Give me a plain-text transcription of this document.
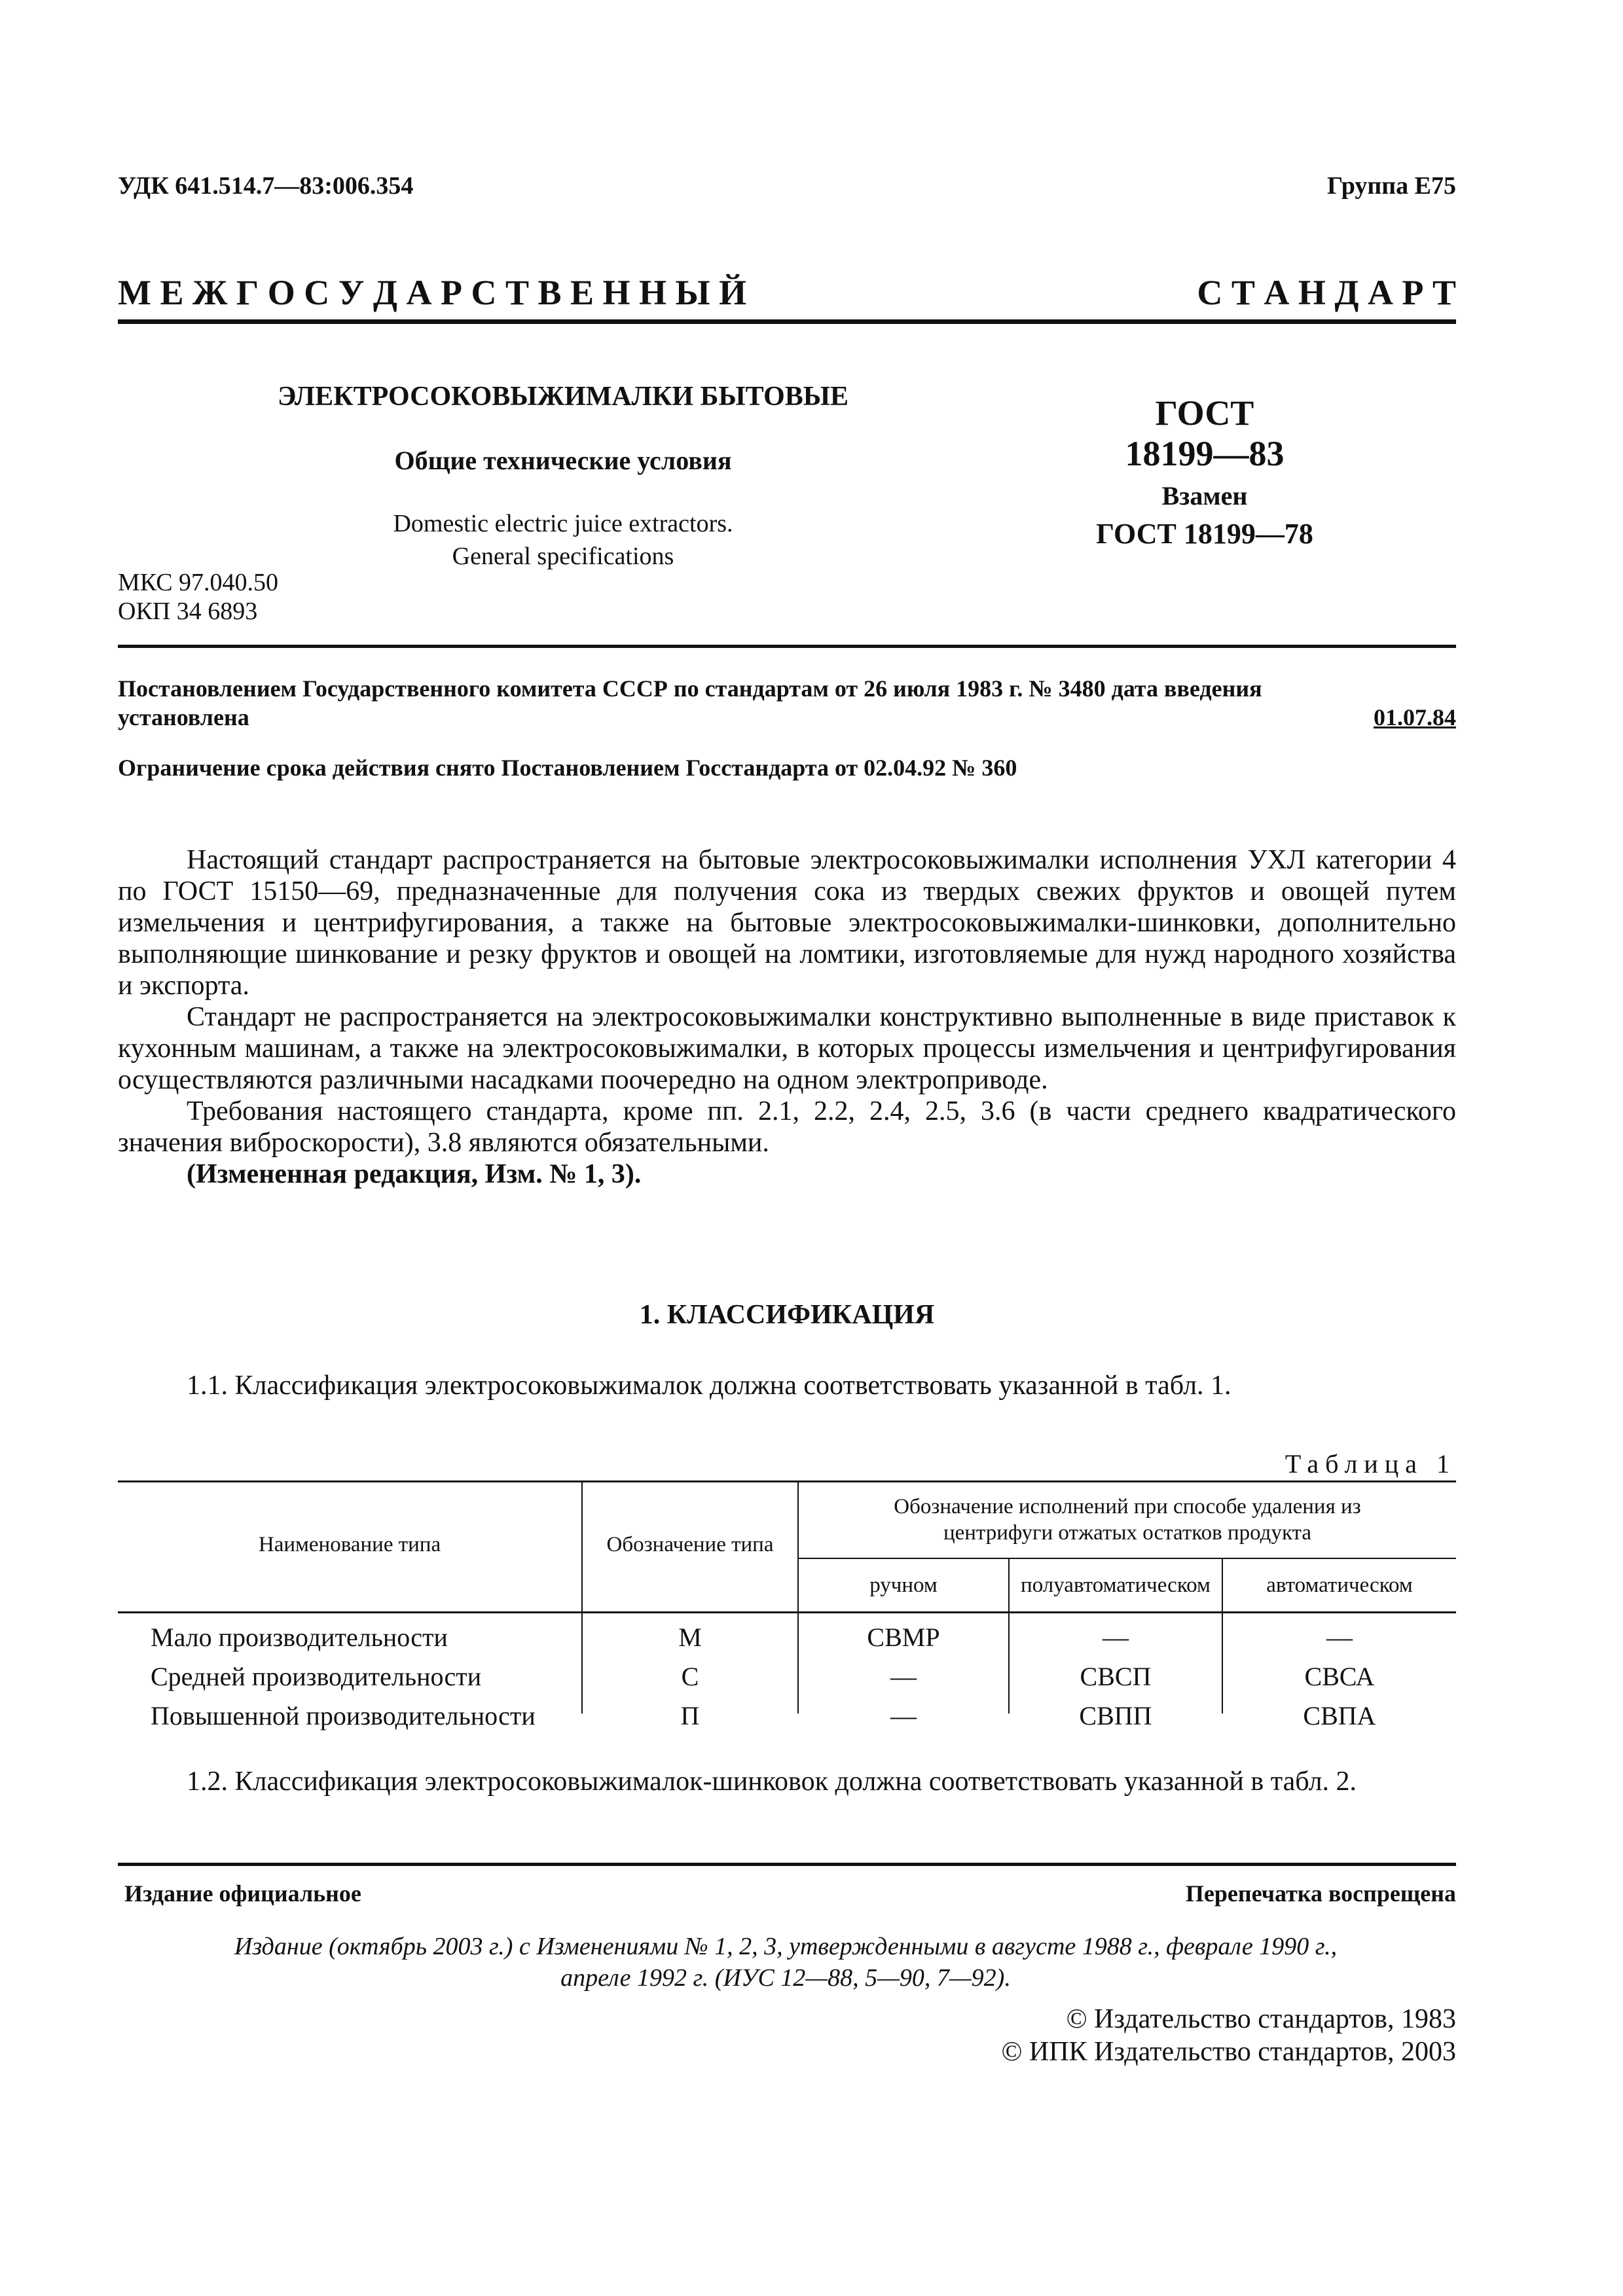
УДК 641.514.7—83:006.354	Группа Е75
М Е Ж Г О С У Д А Р С Т В Е Н Н Ы Й	С Т А Н Д А Р Т
ЭЛЕКТРОСОКОВЫЖИМАЛКИ БЫТОВЫЕ
Общие технические условия
Domestic electric juice extractors.
General specifications
ГОСТ
18199—83
Взамен
ГОСТ 18199—78
МКС 97.040.50
ОКП 34 6893
Постановлением Государственного комитета СССР по стандартам от 26 июля 1983 г. № 3480 дата введения
установлена	01.07.84
Ограничение срока действия снято Постановлением Госстандарта от 02.04.92 № 360

Настоящий стандарт распространяется на бытовые электросоковыжималки исполнения УХЛ категории 4 по ГОСТ 15150—69, предназначенные для получения сока из твердых свежих фруктов и овощей путем измельчения и центрифугирования, а также на бытовые электросоковыжималки-шинковки, дополнительно выполняющие шинкование и резку фруктов и овощей на ломтики, изготовляемые для нужд народного хозяйства и экспорта.

Стандарт не распространяется на электросоковыжималки конструктивно выполненные в виде приставок к кухонным машинам, а также на электросоковыжималки, в которых процессы измельчения и центрифугирования осуществляются различными насадками поочередно на одном электроприводе.

Требования настоящего стандарта, кроме пп. 2.1, 2.2, 2.4, 2.5, 3.6 (в части среднего квадратического значения виброскорости), 3.8 являются обязательными.

(Измененная редакция, Изм. № 1, 3).

1. КЛАССИФИКАЦИЯ
1.1. Классификация электросоковыжималок должна соответствовать указанной в табл. 1.
Таблица 1
Наименование типа	Обозначение типа
Обозначение исполнений при способе удаления из
центрифуги отжатых остатков продукта
ручном	полуавтоматическом	автоматическом
Мало производительности	М	СВМР	—	—
Средней производительности	С	—	СВСП	СВСА
Повышенной производительности	П	—	СВПП	СВПА
1.2. Классификация электросоковыжималок-шинковок должна соответствовать указанной в табл. 2.
Издание официальное	Перепечатка воспрещена
Издание (октябрь 2003 г.) с Изменениями № 1, 2, 3, утвержденными в августе 1988 г., феврале 1990 г.,
апреле 1992 г. (ИУС 12—88, 5—90, 7—92).
© Издательство стандартов, 1983
© ИПК Издательство стандартов, 2003
